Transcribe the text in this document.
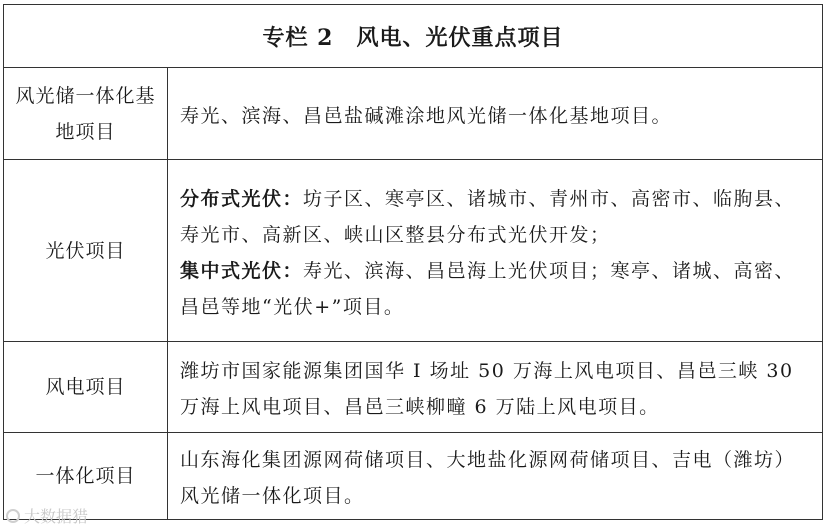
专栏 2　风电、光伏重点项目
风光储一体化基地项目
寿光、滨海、昌邑盐碱滩涂地风光储一体化基地项目。
光伏项目
分布式光伏：坊子区、寒亭区、诸城市、青州市、高密市、临朐县、寿光市、高新区、峡山区整县分布式光伏开发；
集中式光伏：寿光、滨海、昌邑海上光伏项目；寒亭、诸城、高密、昌邑等地“光伏+”项目。
风电项目
潍坊市国家能源集团国华 I 场址 50 万海上风电项目、昌邑三峡 30 万海上风电项目、昌邑三峡柳疃 6 万陆上风电项目。
一体化项目
山东海化集团源网荷储项目、大地盐化源网荷储项目、吉电（潍坊）风光储一体化项目。
大数据猎
